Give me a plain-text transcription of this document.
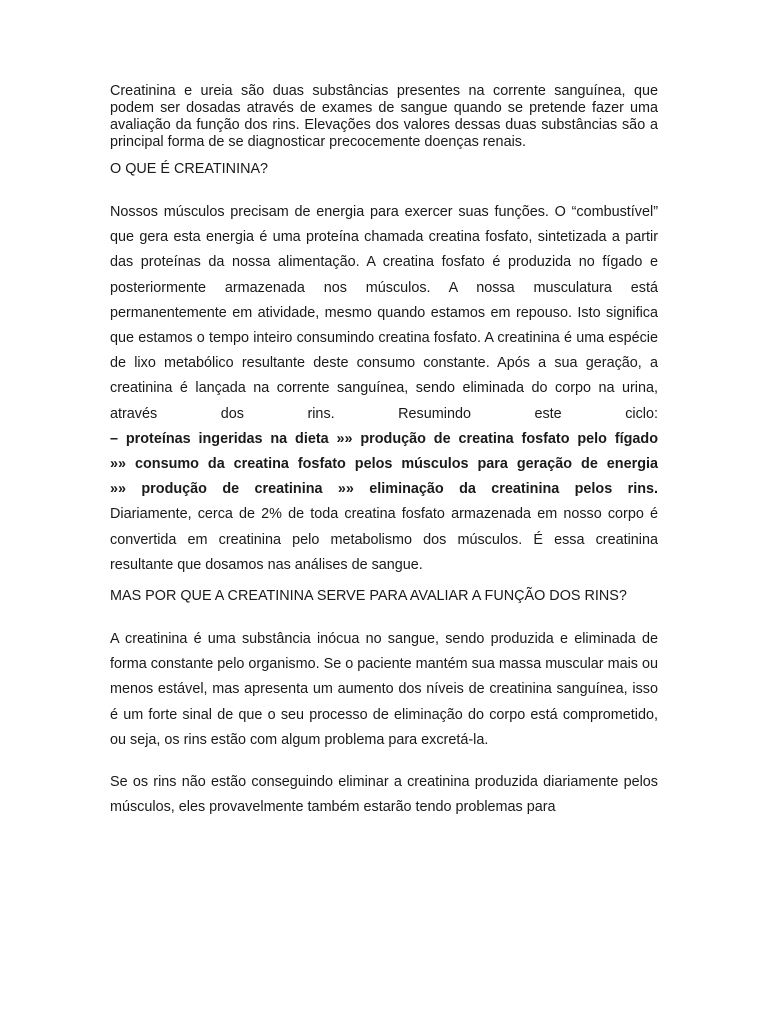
Creatinina e ureia são duas substâncias presentes na corrente sanguínea, que podem ser dosadas através de exames de sangue quando se pretende fazer uma avaliação da função dos rins. Elevações dos valores dessas duas substâncias são a principal forma de se diagnosticar precocemente doenças renais.

O QUE É CREATININA?

Nossos músculos precisam de energia para exercer suas funções. O “combustível” que gera esta energia é uma proteína chamada creatina fosfato, sintetizada a partir das proteínas da nossa alimentação. A creatina fosfato é produzida no fígado e posteriormente armazenada nos músculos. A nossa musculatura está permanentemente em atividade, mesmo quando estamos em repouso. Isto significa que estamos o tempo inteiro consumindo creatina fosfato. A creatinina é uma espécie de lixo metabólico resultante deste consumo constante. Após a sua geração, a creatinina é lançada na corrente sanguínea, sendo eliminada do corpo na urina, através dos rins. Resumindo este ciclo:

– proteínas ingeridas na dieta »» produção de creatina fosfato pelo fígado
»» consumo da creatina fosfato pelos músculos para geração de energia
»» produção de creatinina »» eliminação da creatinina pelos rins.

Diariamente, cerca de 2% de toda creatina fosfato armazenada em nosso corpo é convertida em creatinina pelo metabolismo dos músculos. É essa creatinina resultante que dosamos nas análises de sangue.

MAS POR QUE A CREATININA SERVE PARA AVALIAR A FUNÇÃO DOS RINS?

A creatinina é uma substância inócua no sangue, sendo produzida e eliminada de forma constante pelo organismo. Se o paciente mantém sua massa muscular mais ou menos estável, mas apresenta um aumento dos níveis de creatinina sanguínea, isso é um forte sinal de que o seu processo de eliminação do corpo está comprometido, ou seja, os rins estão com algum problema para excretá-la.

Se os rins não estão conseguindo eliminar a creatinina produzida diariamente pelos músculos, eles provavelmente também estarão tendo problemas para
